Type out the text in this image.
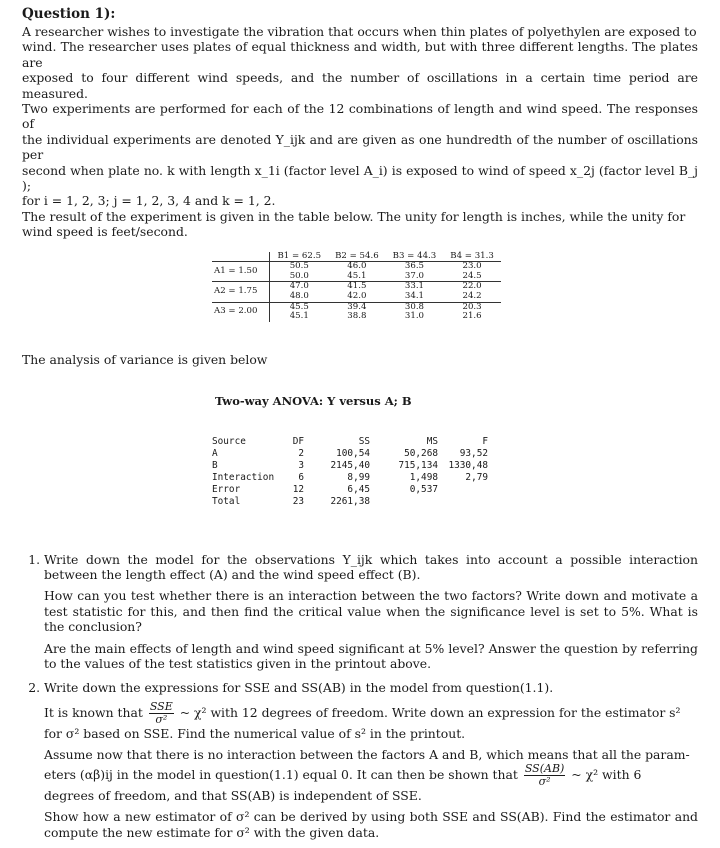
Question 1):

A researcher wishes to investigate the vibration that occurs when thin plates of polyethylen are exposed to
wind. The researcher uses plates of equal thickness and width, but with three different lengths. The plates are
exposed to four different wind speeds, and the number of oscillations in a certain time period are measured.
Two experiments are performed for each of the 12 combinations of length and wind speed. The responses of
the individual experiments are denoted Y_ijk and are given as one hundredth of the number of oscillations per
second when plate no. k with length x_1i (factor level A_i) is exposed to wind of speed x_2j (factor level B_j );
for i = 1, 2, 3; j = 1, 2, 3, 4 and k = 1, 2.
The result of the experiment is given in the table below. The unity for length is inches, while the unity for
wind speed is feet/second.

	B1 = 62.5	B2 = 54.6	B3 = 44.3	B4 = 31.3
A1 = 1.50	50.5	46.0	36.5	23.0
	50.0	45.1	37.0	24.5
A2 = 1.75	47.0	41.5	33.1	22.0
	48.0	42.0	34.1	24.2
A3 = 2.00	45.5	39.4	30.8	20.3
	45.1	38.8	31.0	21.6

The analysis of variance is given below

Two-way ANOVA: Y versus A; B
Source	DF	SS	MS	F
A	2	100,54	50,268	93,52
B	3	2145,40	715,134	1330,48
Interaction	6	8,99	1,498	2,79
Error	12	6,45	0,537	
Total	23	2261,38		

1. Write down the model for the observations Y_ijk which takes into account a possible interaction between the length effect (A) and the wind speed effect (B).

How can you test whether there is an interaction between the two factors? Write down and motivate a test statistic for this, and then find the critical value when the significance level is set to 5%. What is the conclusion?

Are the main effects of length and wind speed significant at 5% level? Answer the question by referring to the values of the test statistics given in the printout above.

2. Write down the expressions for SSE and SS(AB) in the model from question(1.1).

It is known that $\frac{\text{SSE}}{\text{σ²}}$ ~ χ² with 12 degrees of freedom. Write down an expression for the estimator s²
for σ² based on SSE. Find the numerical value of s² in the printout.

Assume now that there is no interaction between the factors A and B, which means that all the param-
eters (αβ)ij in the model in question(1.1) equal 0. It can then be shown that $\frac{SS(AB)}{\text{σ²}}$ ~ χ² with 6
degrees of freedom, and that SS(AB) is independent of SSE.

Show how a new estimator of σ² can be derived by using both SSE and SS(AB). Find the estimator and compute the new estimate for σ² with the given data.
